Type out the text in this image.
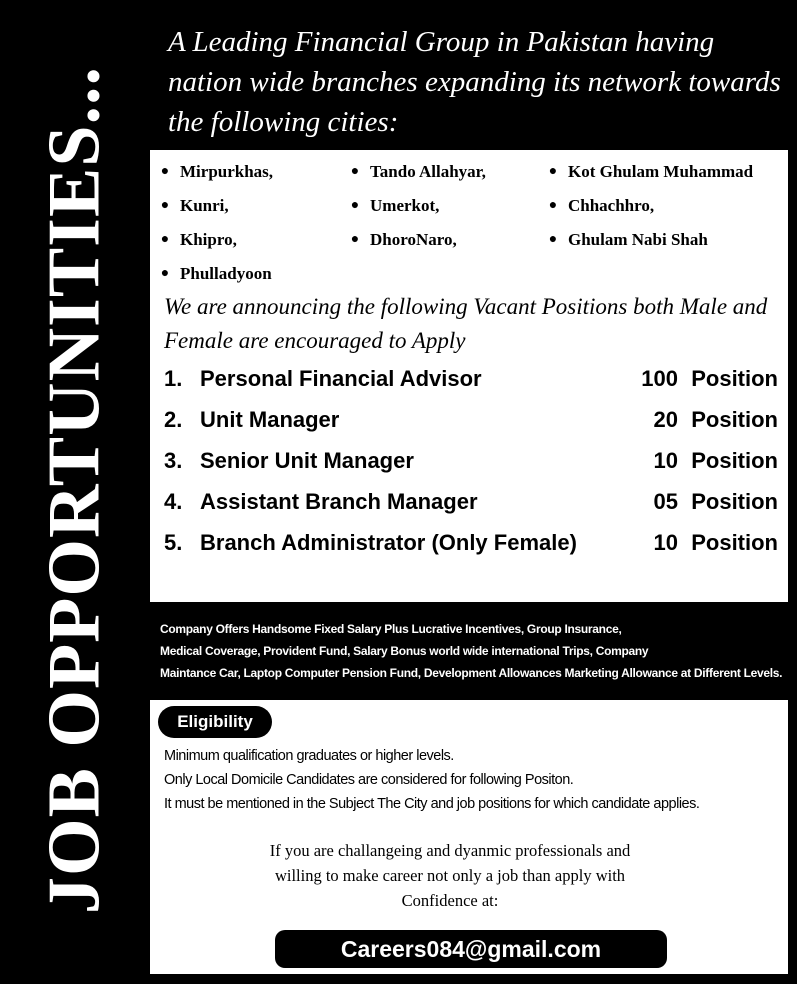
JOB OPPORTUNITIES...

A Leading Financial Group in Pakistan having nation wide branches expanding its network towards the following cities:

● Mirpurkhas,	● Tando Allahyar,	● Kot Ghulam Muhammad
● Kunri,	● Umerkot,	● Chhachhro,
● Khipro,	● DhoroNaro,	● Ghulam Nabi Shah
● Phulladyoon

We are announcing the following Vacant Positions both Male and Female are encouraged to Apply

1. Personal Financial Advisor	100 Position
2. Unit Manager	20 Position
3. Senior Unit Manager	10 Position
4. Assistant Branch Manager	05 Position
5. Branch Administrator (Only Female)	10 Position
Company Offers Handsome Fixed Salary Plus Lucrative Incentives, Group Insurance,
Medical Coverage, Provident Fund, Salary Bonus world wide international Trips, Company
Maintance Car, Laptop Computer Pension Fund, Development Allowances Marketing Allowance at Different Levels.
Eligibility
Minimum qualification graduates or higher levels.
Only Local Domicile Candidates are considered for following Positon.
It must be mentioned in the Subject The City and job positions for which candidate applies.
If you are challangeing and dyanmic professionals and
willing to make career not only a job than apply with
Confidence at:
Careers084@gmail.com
